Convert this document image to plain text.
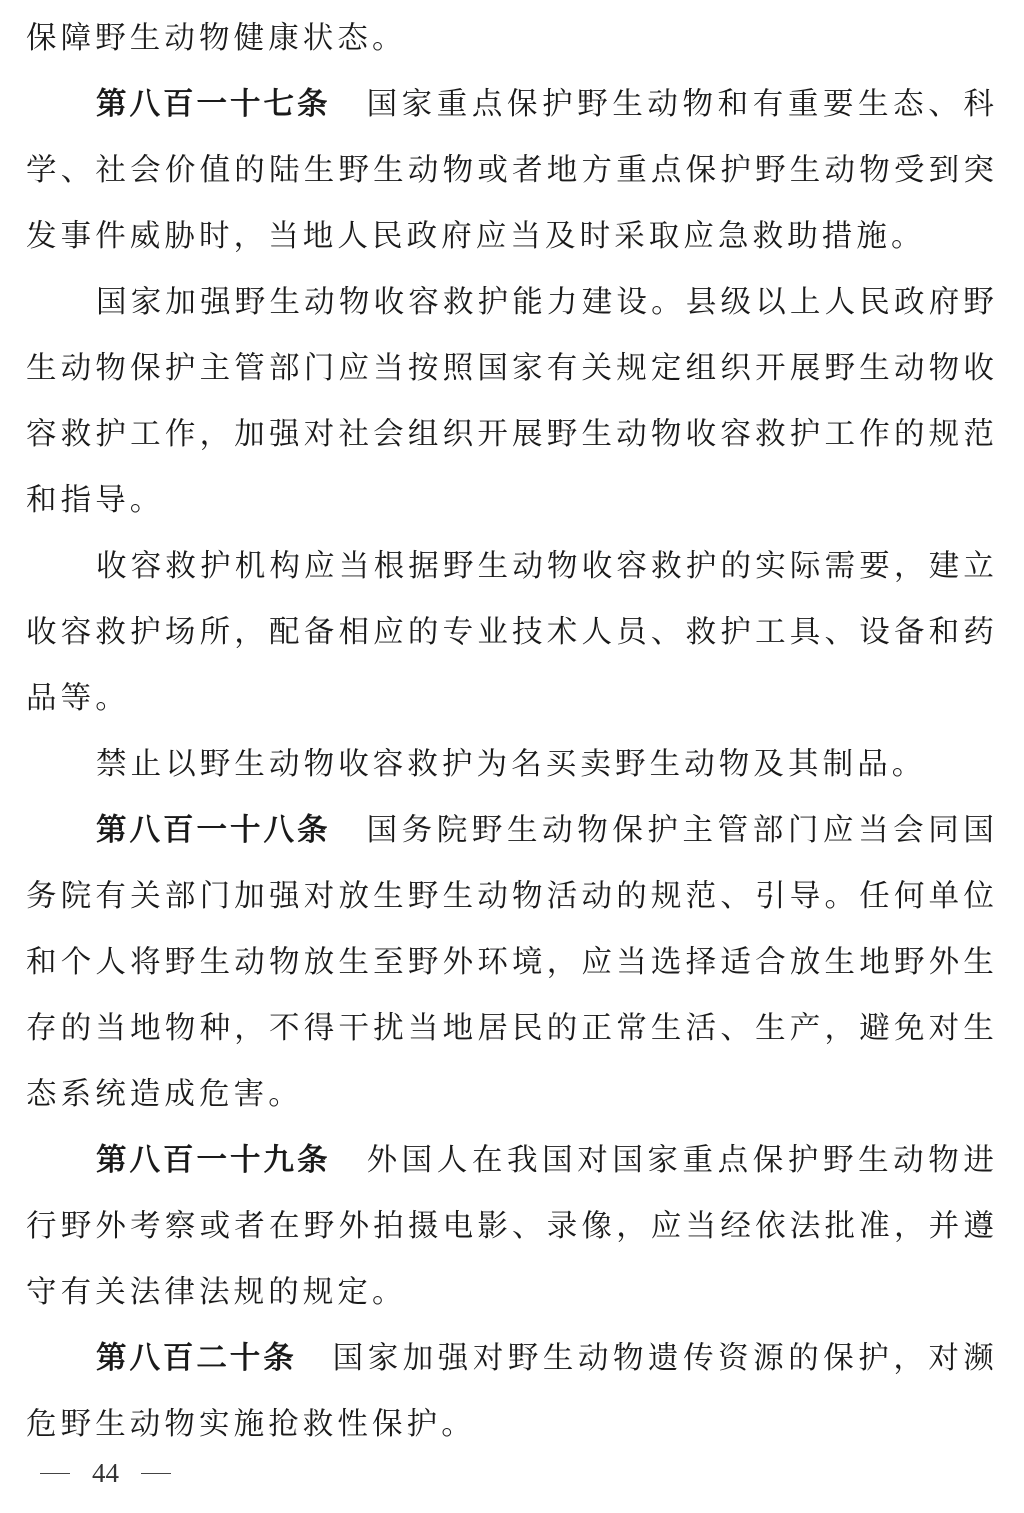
保障野生动物健康状态。

第八百一十七条 国家重点保护野生动物和有重要生态、科学、社会价值的陆生野生动物或者地方重点保护野生动物受到突发事件威胁时，当地人民政府应当及时采取应急救助措施。

国家加强野生动物收容救护能力建设。县级以上人民政府野生动物保护主管部门应当按照国家有关规定组织开展野生动物收容救护工作，加强对社会组织开展野生动物收容救护工作的规范和指导。

收容救护机构应当根据野生动物收容救护的实际需要，建立收容救护场所，配备相应的专业技术人员、救护工具、设备和药品等。

禁止以野生动物收容救护为名买卖野生动物及其制品。

第八百一十八条 国务院野生动物保护主管部门应当会同国务院有关部门加强对放生野生动物活动的规范、引导。任何单位和个人将野生动物放生至野外环境，应当选择适合放生地野外生存的当地物种，不得干扰当地居民的正常生活、生产，避免对生态系统造成危害。

第八百一十九条 外国人在我国对国家重点保护野生动物进行野外考察或者在野外拍摄电影、录像，应当经依法批准，并遵守有关法律法规的规定。

第八百二十条 国家加强对野生动物遗传资源的保护，对濒危野生动物实施抢救性保护。

44
